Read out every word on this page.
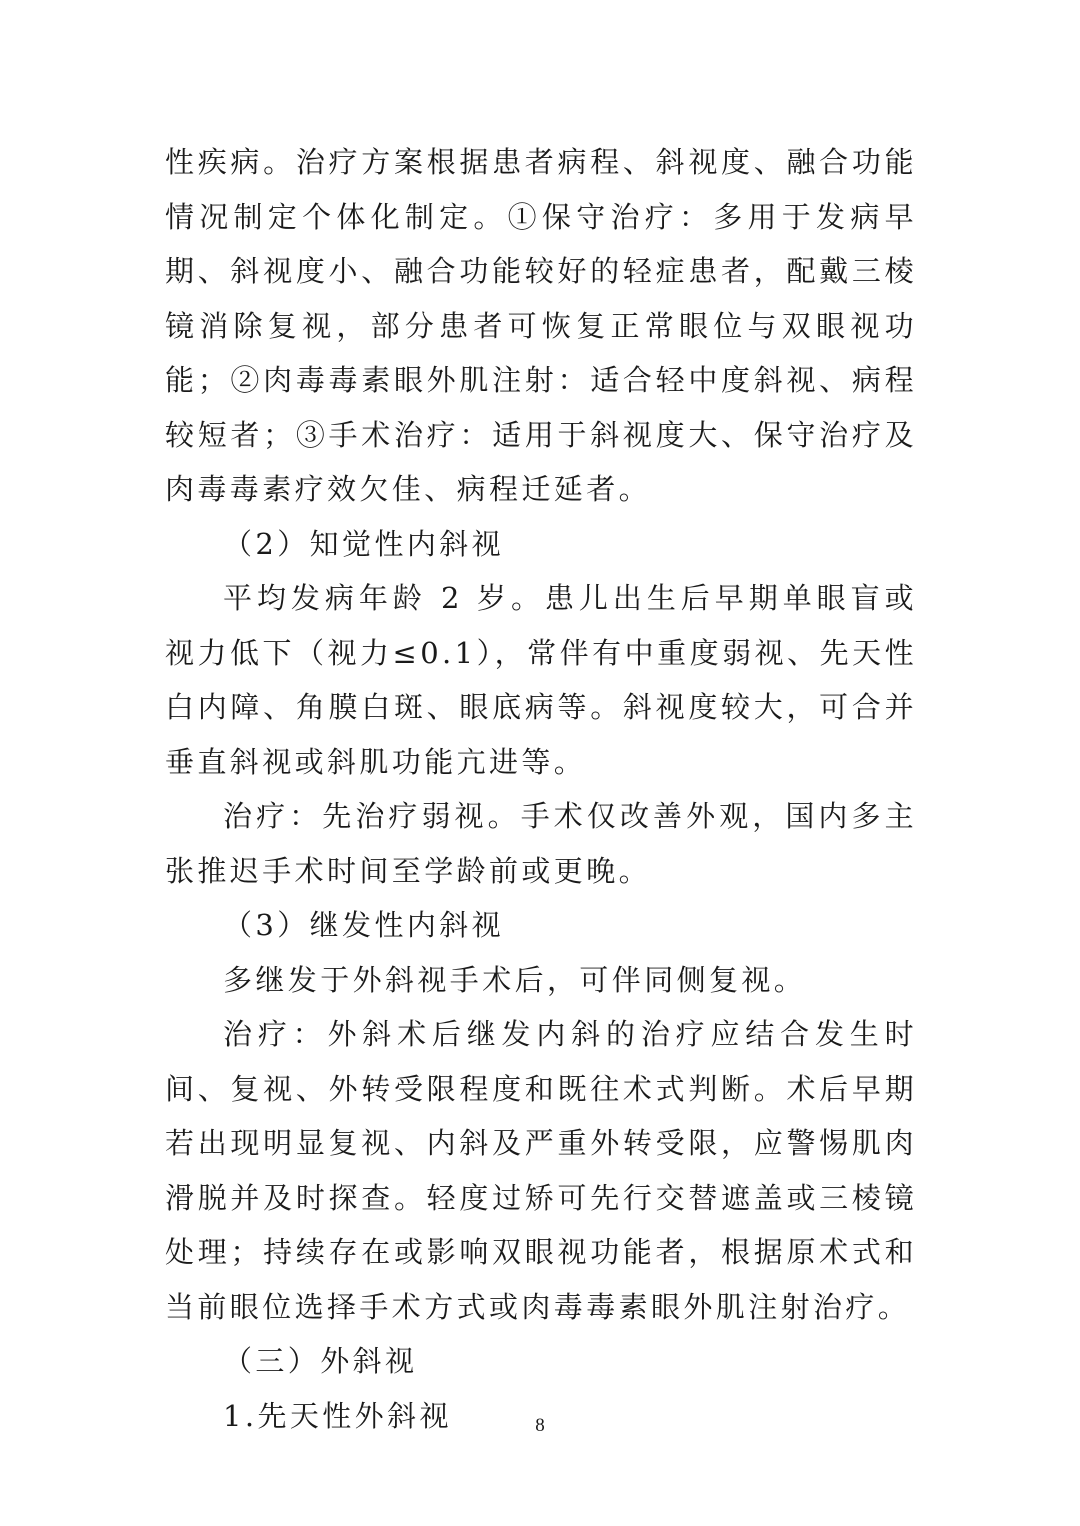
性疾病。治疗方案根据患者病程、斜视度、融合功能情况制定个体化制定。①保守治疗：多用于发病早期、斜视度小、融合功能较好的轻症患者，配戴三棱镜消除复视，部分患者可恢复正常眼位与双眼视功能；②肉毒毒素眼外肌注射：适合轻中度斜视、病程较短者；③手术治疗：适用于斜视度大、保守治疗及肉毒毒素疗效欠佳、病程迁延者。

（2）知觉性内斜视

平均发病年龄 2 岁。患儿出生后早期单眼盲或视力低下（视力≤0.1），常伴有中重度弱视、先天性白内障、角膜白斑、眼底病等。斜视度较大，可合并垂直斜视或斜肌功能亢进等。

治疗：先治疗弱视。手术仅改善外观，国内多主张推迟手术时间至学龄前或更晚。

（3）继发性内斜视

多继发于外斜视手术后，可伴同侧复视。

治疗：外斜术后继发内斜的治疗应结合发生时间、复视、外转受限程度和既往术式判断。术后早期若出现明显复视、内斜及严重外转受限，应警惕肌肉滑脱并及时探查。轻度过矫可先行交替遮盖或三棱镜处理；持续存在或影响双眼视功能者，根据原术式和当前眼位选择手术方式或肉毒毒素眼外肌注射治疗。

（三）外斜视

1.先天性外斜视	8
